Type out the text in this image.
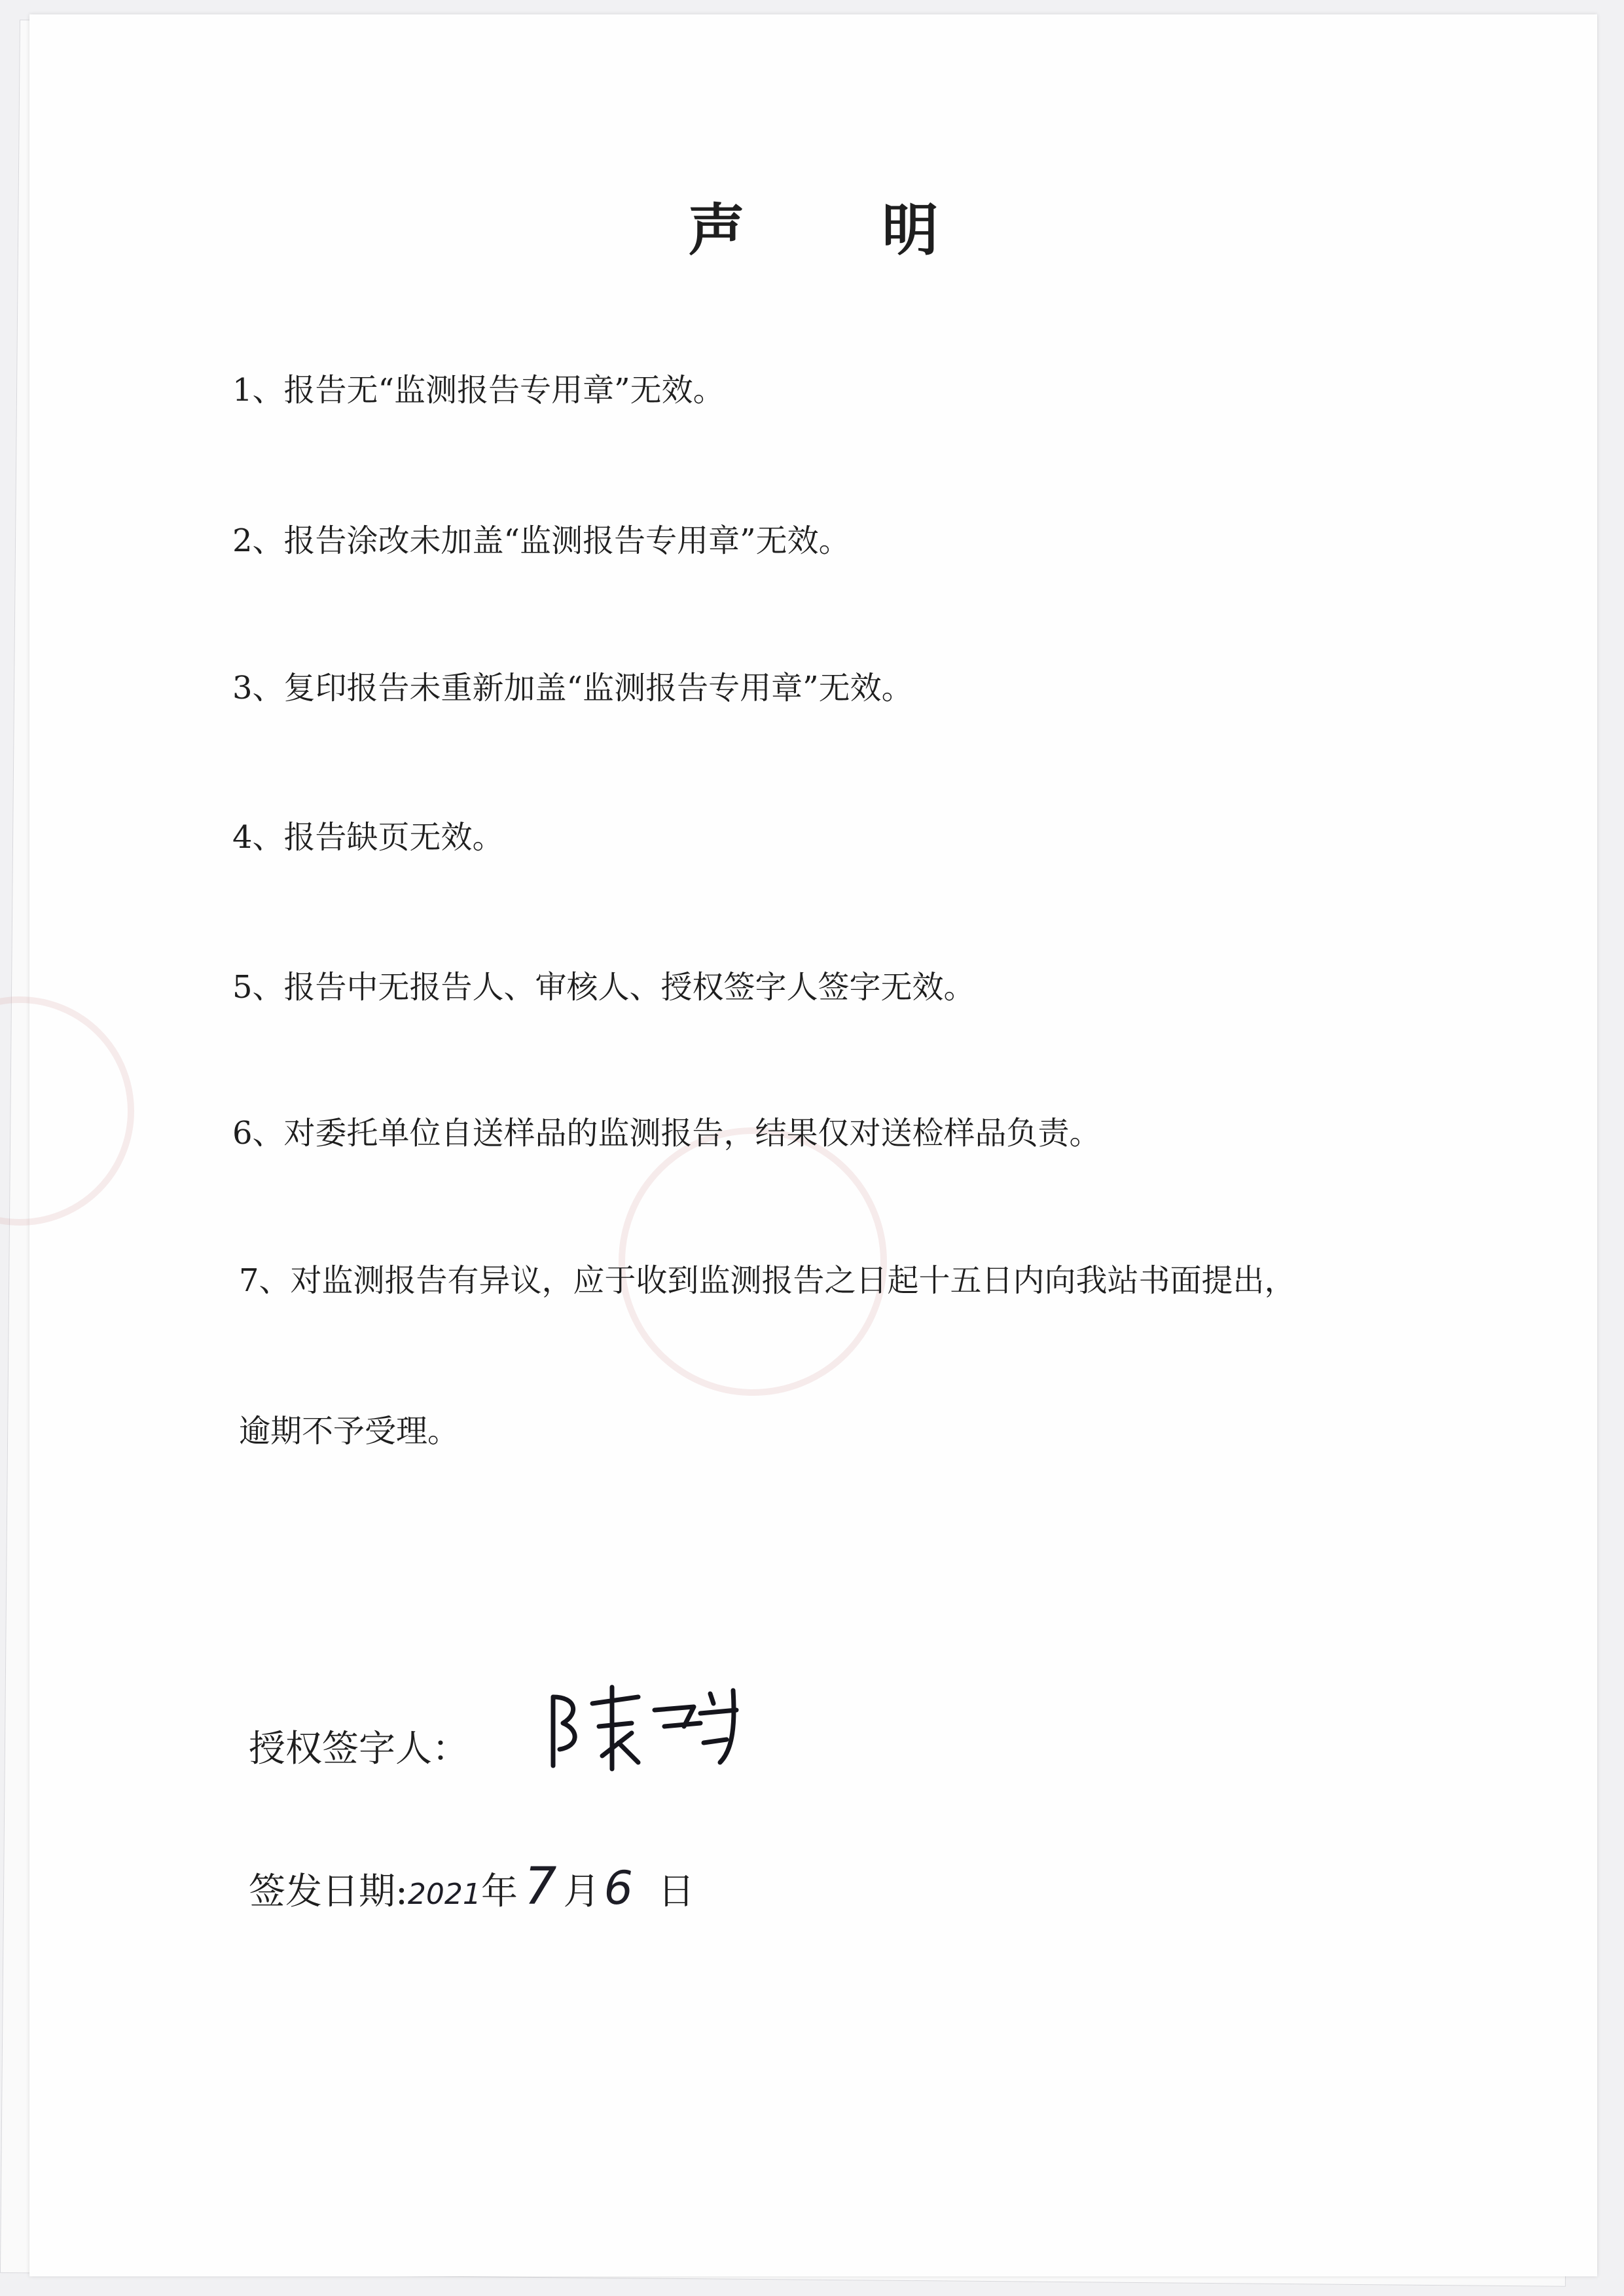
声 明
1、报告无“监测报告专用章”无效。
2、报告涂改未加盖“监测报告专用章”无效。
3、复印报告未重新加盖“监测报告专用章”无效。
4、报告缺页无效。
5、报告中无报告人、审核人、授权签字人签字无效。
6、对委托单位自送样品的监测报告，结果仅对送检样品负责。
7、对监测报告有异议，应于收到监测报告之日起十五日内向我站书面提出，
逾期不予受理。
授权签字人：
签发日期:2021年 7 月6 日
